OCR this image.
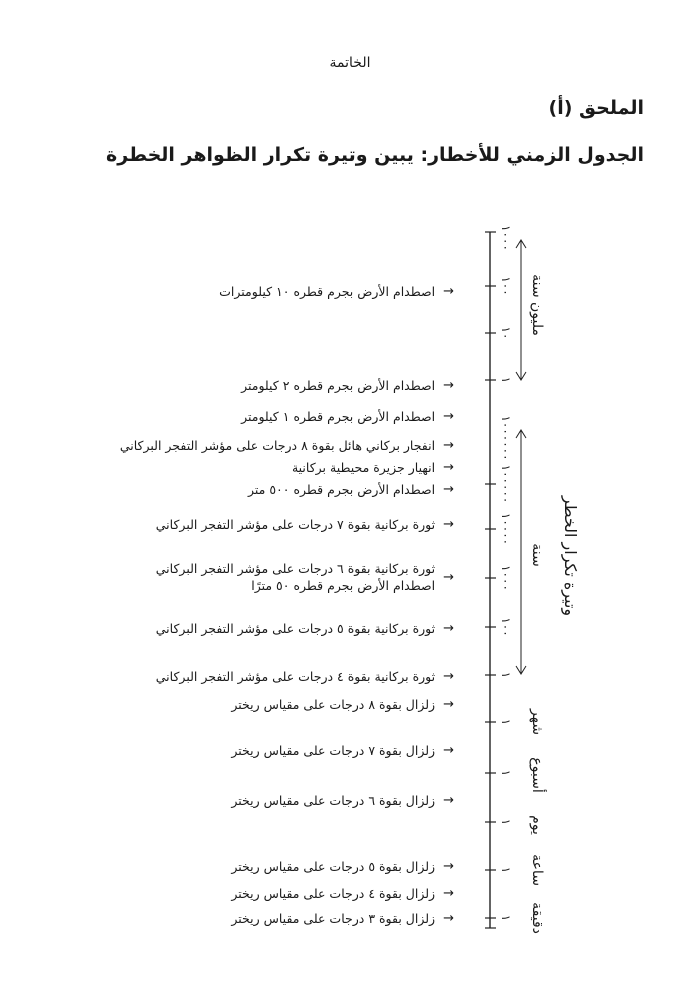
الخاتمة
الملحق (أ)
الجدول الزمني للأخطار: يبين وتيرة تكرار الظواهر الخطرة
١٠٠٠
١٠٠
١٠
١
١٠٠٠٠٠٠
١٠٠٠٠٠
١٠٠٠٠
١٠٠٠
١٠٠
١
١
١
١
١
١
مليون سنة
سنة
شهر
أسبوع
يوم
ساعة
دقيقة
وتيرة تكرار الخطر
→
اصطدام الأرض بجرم قطره ١٠ كيلومترات
→
اصطدام الأرض بجرم قطره ٢ كيلومتر
→
اصطدام الأرض بجرم قطره ١ كيلومتر
→
انفجار بركاني هائل بقوة ٨ درجات على مؤشر التفجر البركاني
→
انهيار جزيرة محيطية بركانية
→
اصطدام الأرض بجرم قطره ٥٠٠ متر
→
ثورة بركانية بقوة ٧ درجات على مؤشر التفجر البركاني
→
ثورة بركانية بقوة ٦ درجات على مؤشر التفجر البركاني
اصطدام الأرض بجرم قطره ٥٠ مترًا
→
ثورة بركانية بقوة ٥ درجات على مؤشر التفجر البركاني
→
ثورة بركانية بقوة ٤ درجات على مؤشر التفجر البركاني
→
زلزال بقوة ٨ درجات على مقياس ريختر
→
زلزال بقوة ٧ درجات على مقياس ريختر
→
زلزال بقوة ٦ درجات على مقياس ريختر
→
زلزال بقوة ٥ درجات على مقياس ريختر
→
زلزال بقوة ٤ درجات على مقياس ريختر
→
زلزال بقوة ٣ درجات على مقياس ريختر
